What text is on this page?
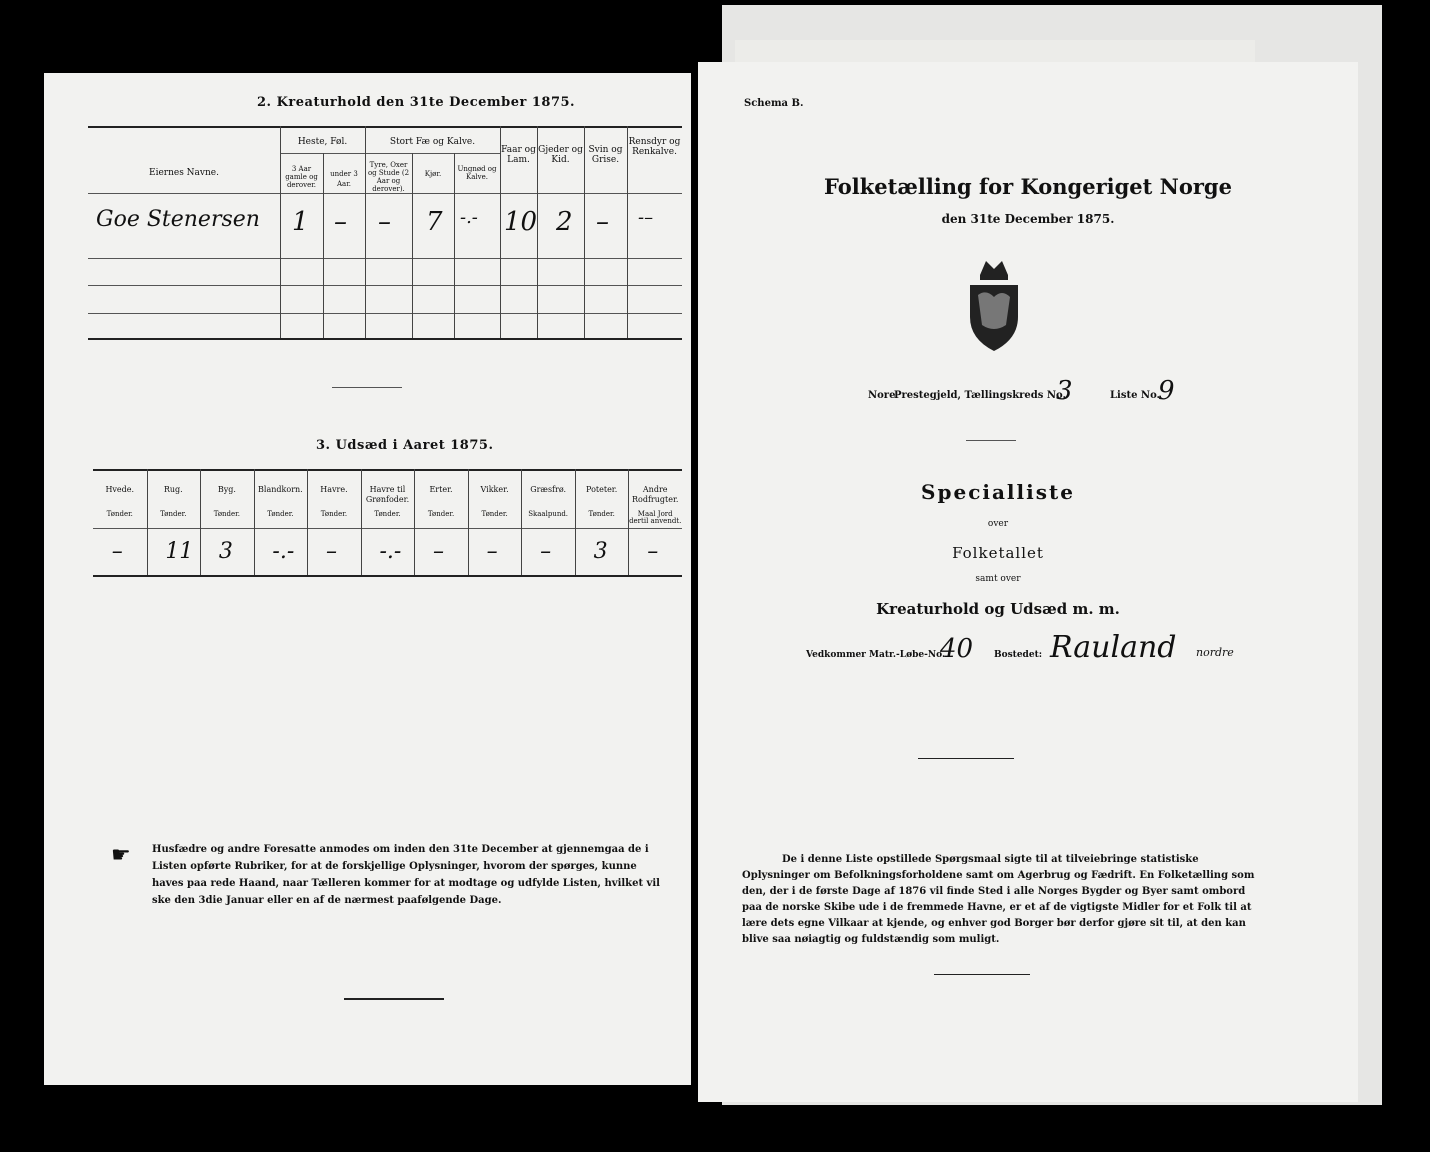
2. Kreaturhold den 31te December 1875.
Eiernes Navne.
Heste, Føl.	Stort Fæ og Kalve.
Faar og Lam.
Gjeder og Kid.
Svin og Grise.
Rensdyr og Renkalve.
3 Aar gamle og derover.
under 3 Aar.
Tyre, Oxer og Stude (2 Aar og derover).
Kjør.
Ungnød og Kalve.
Goe Stenersen 1 – – 7 -.- 10 2 – -–
3. Udsæd i Aaret 1875.
Hvede.
Tønder.
–
Rug.
Tønder.
11
Byg.
Tønder.
3
Blandkorn.
Tønder.
-.-
Havre.
Tønder.
–
Havre til Grønfoder.
Tønder.
-.-
Erter.
Tønder.
–
Vikker.
Tønder.
–
Græsfrø.
Skaalpund.
–
Poteter.
Tønder.
3
Andre Rodfrugter.
Maal Jord dertil anvendt.
–
☛ Husfædre og andre Foresatte anmodes om inden den 31te December at gjennemgaa de i Listen opførte Rubriker, for at de forskjellige Oplysninger, hvorom der spørges, kunne haves paa rede Haand, naar Tælleren kommer for at modtage og udfylde Listen, hvilket vil ske den 3die Januar eller en af de nærmest paafølgende Dage.
Schema B.
Folketælling for Kongeriget Norge
den 31te December 1875.
Nore
Prestegjeld, Tællingskreds No.
3	Liste No.
9
Specialliste
over
Folketallet
samt over
Kreaturhold og Udsæd m. m.
Vedkommer Matr.-Løbe-No.
40 Bostedet: Rauland nordre
De i denne Liste opstillede Spørgsmaal sigte til at tilveiebringe statistiske Oplysninger om Befolkningsforholdene samt om Agerbrug og Fædrift. En Folketælling som den, der i de første Dage af 1876 vil finde Sted i alle Norges Bygder og Byer samt ombord paa de norske Skibe ude i de fremmede Havne, er et af de vigtigste Midler for et Folk til at lære dets egne Vilkaar at kjende, og enhver god Borger bør derfor gjøre sit til, at den kan blive saa nøiagtig og fuldstændig som muligt.
